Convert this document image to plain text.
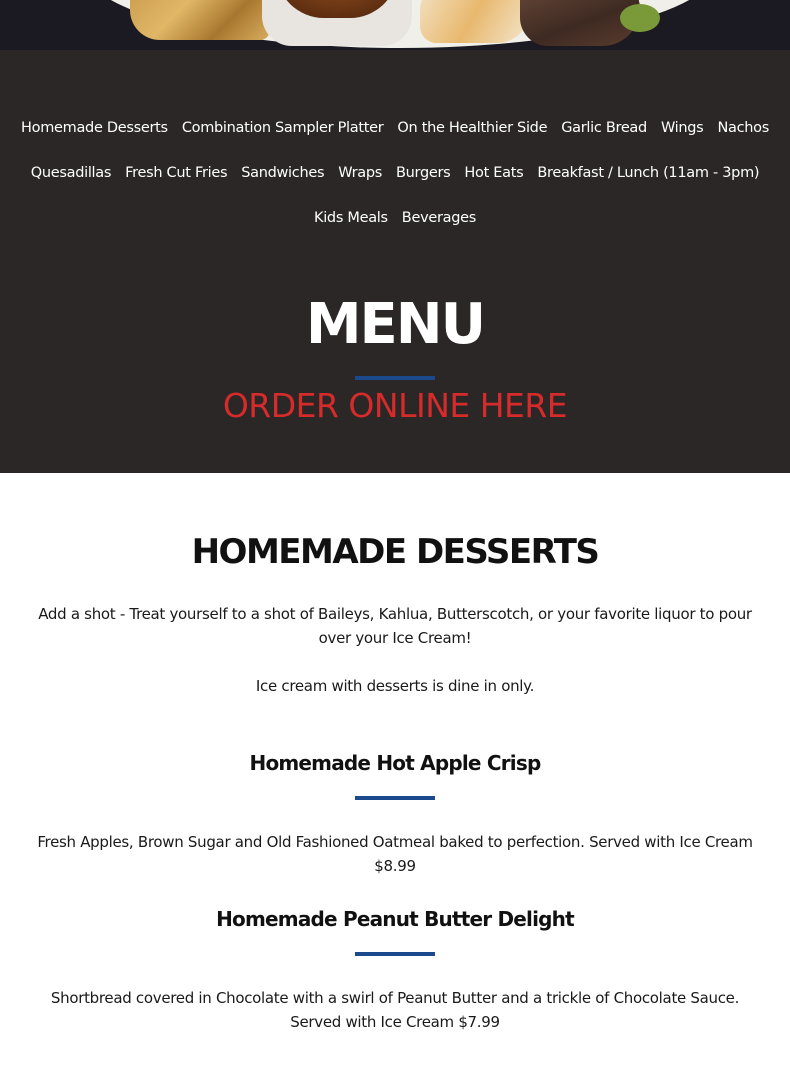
Homemade Desserts Combination Sampler Platter On the Healthier Side Garlic Bread Wings Nachos
Quesadillas Fresh Cut Fries Sandwiches Wraps Burgers Hot Eats Breakfast / Lunch (11am - 3pm)
Kids Meals Beverages
MENU
ORDER ONLINE HERE
HOMEMADE DESSERTS

Add a shot - Treat yourself to a shot of Baileys, Kahlua, Butterscotch, or your favorite liquor to pour over your Ice Cream!

Ice cream with desserts is dine in only.

Homemade Hot Apple Crisp

Fresh Apples, Brown Sugar and Old Fashioned Oatmeal baked to perfection. Served with Ice Cream $8.99

Homemade Peanut Butter Delight

Shortbread covered in Chocolate with a swirl of Peanut Butter and a trickle of Chocolate Sauce. Served with Ice Cream $7.99
